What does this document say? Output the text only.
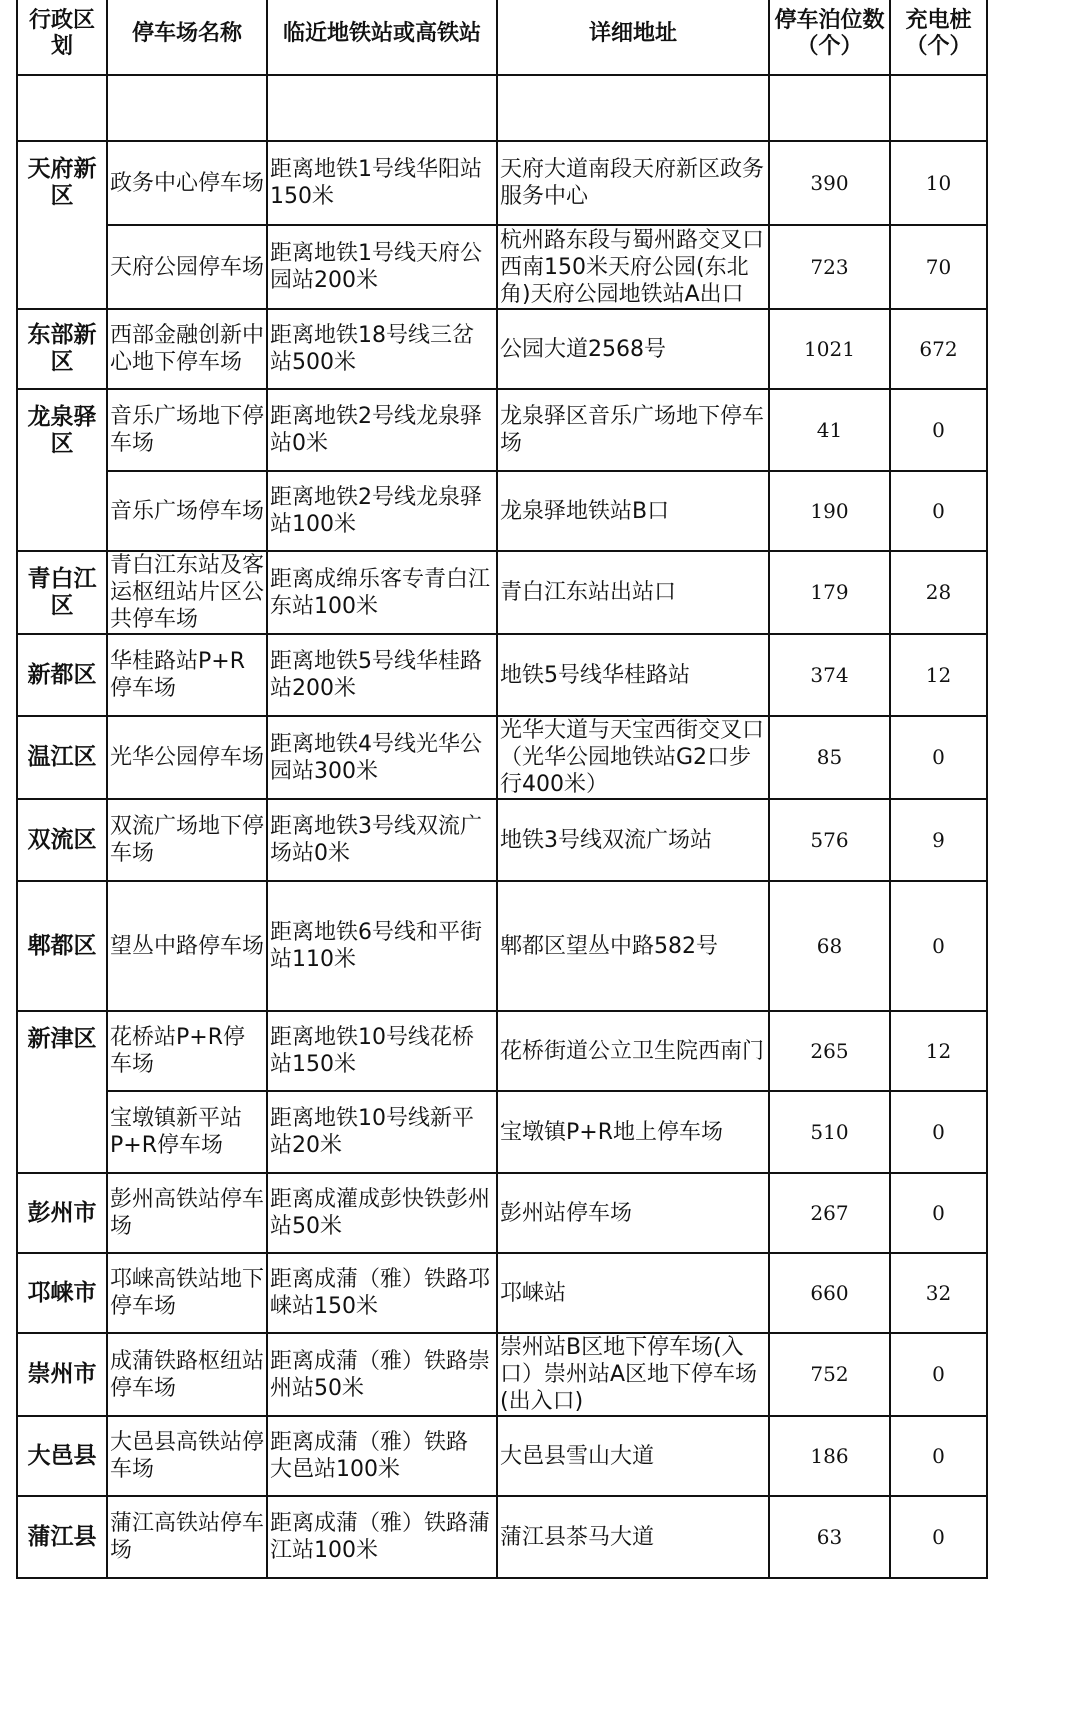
行政区划	停车场名称	临近地铁站或高铁站	详细地址	停车泊位数（个）	充电桩（个）

天府新区	政务中心停车场	距离地铁1号线华阳站150米	天府大道南段天府新区政务服务中心	390	10
	天府公园停车场	距离地铁1号线天府公园站200米	杭州路东段与蜀州路交叉口西南150米天府公园(东北角)天府公园地铁站A出口	723	70
东部新区	西部金融创新中心地下停车场	距离地铁18号线三岔站500米	公园大道2568号	1021	672
龙泉驿区	音乐广场地下停车场	距离地铁2号线龙泉驿站0米	龙泉驿区音乐广场地下停车场	41	0
	音乐广场停车场	距离地铁2号线龙泉驿站100米	龙泉驿地铁站B口	190	0
青白江区	青白江东站及客运枢纽站片区公共停车场	距离成绵乐客专青白江东站100米	青白江东站出站口	179	28
新都区	华桂路站P+R停车场	距离地铁5号线华桂路站200米	地铁5号线华桂路站	374	12
温江区	光华公园停车场	距离地铁4号线光华公园站300米	光华大道与天宝西街交叉口（光华公园地铁站G2口步行400米）	85	0
双流区	双流广场地下停车场	距离地铁3号线双流广场站0米	地铁3号线双流广场站	576	9
郫都区	望丛中路停车场	距离地铁6号线和平街站110米	郫都区望丛中路582号	68	0
新津区	花桥站P+R停车场	距离地铁10号线花桥站150米	花桥街道公立卫生院西南门	265	12
	宝墩镇新平站P+R停车场	距离地铁10号线新平站20米	宝墩镇P+R地上停车场	510	0
彭州市	彭州高铁站停车场	距离成灌成彭快铁彭州站50米	彭州站停车场	267	0
邛崃市	邛崃高铁站地下停车场	距离成蒲（雅）铁路邛崃站150米	邛崃站	660	32
崇州市	成蒲铁路枢纽站停车场	距离成蒲（雅）铁路崇州站50米	崇州站B区地下停车场(入口）崇州站A区地下停车场(出入口)	752	0
大邑县	大邑县高铁站停车场	距离成蒲（雅）铁路 大邑站100米	大邑县雪山大道	186	0
蒲江县	蒲江高铁站停车场	距离成蒲（雅）铁路蒲江站100米	蒲江县茶马大道	63	0
